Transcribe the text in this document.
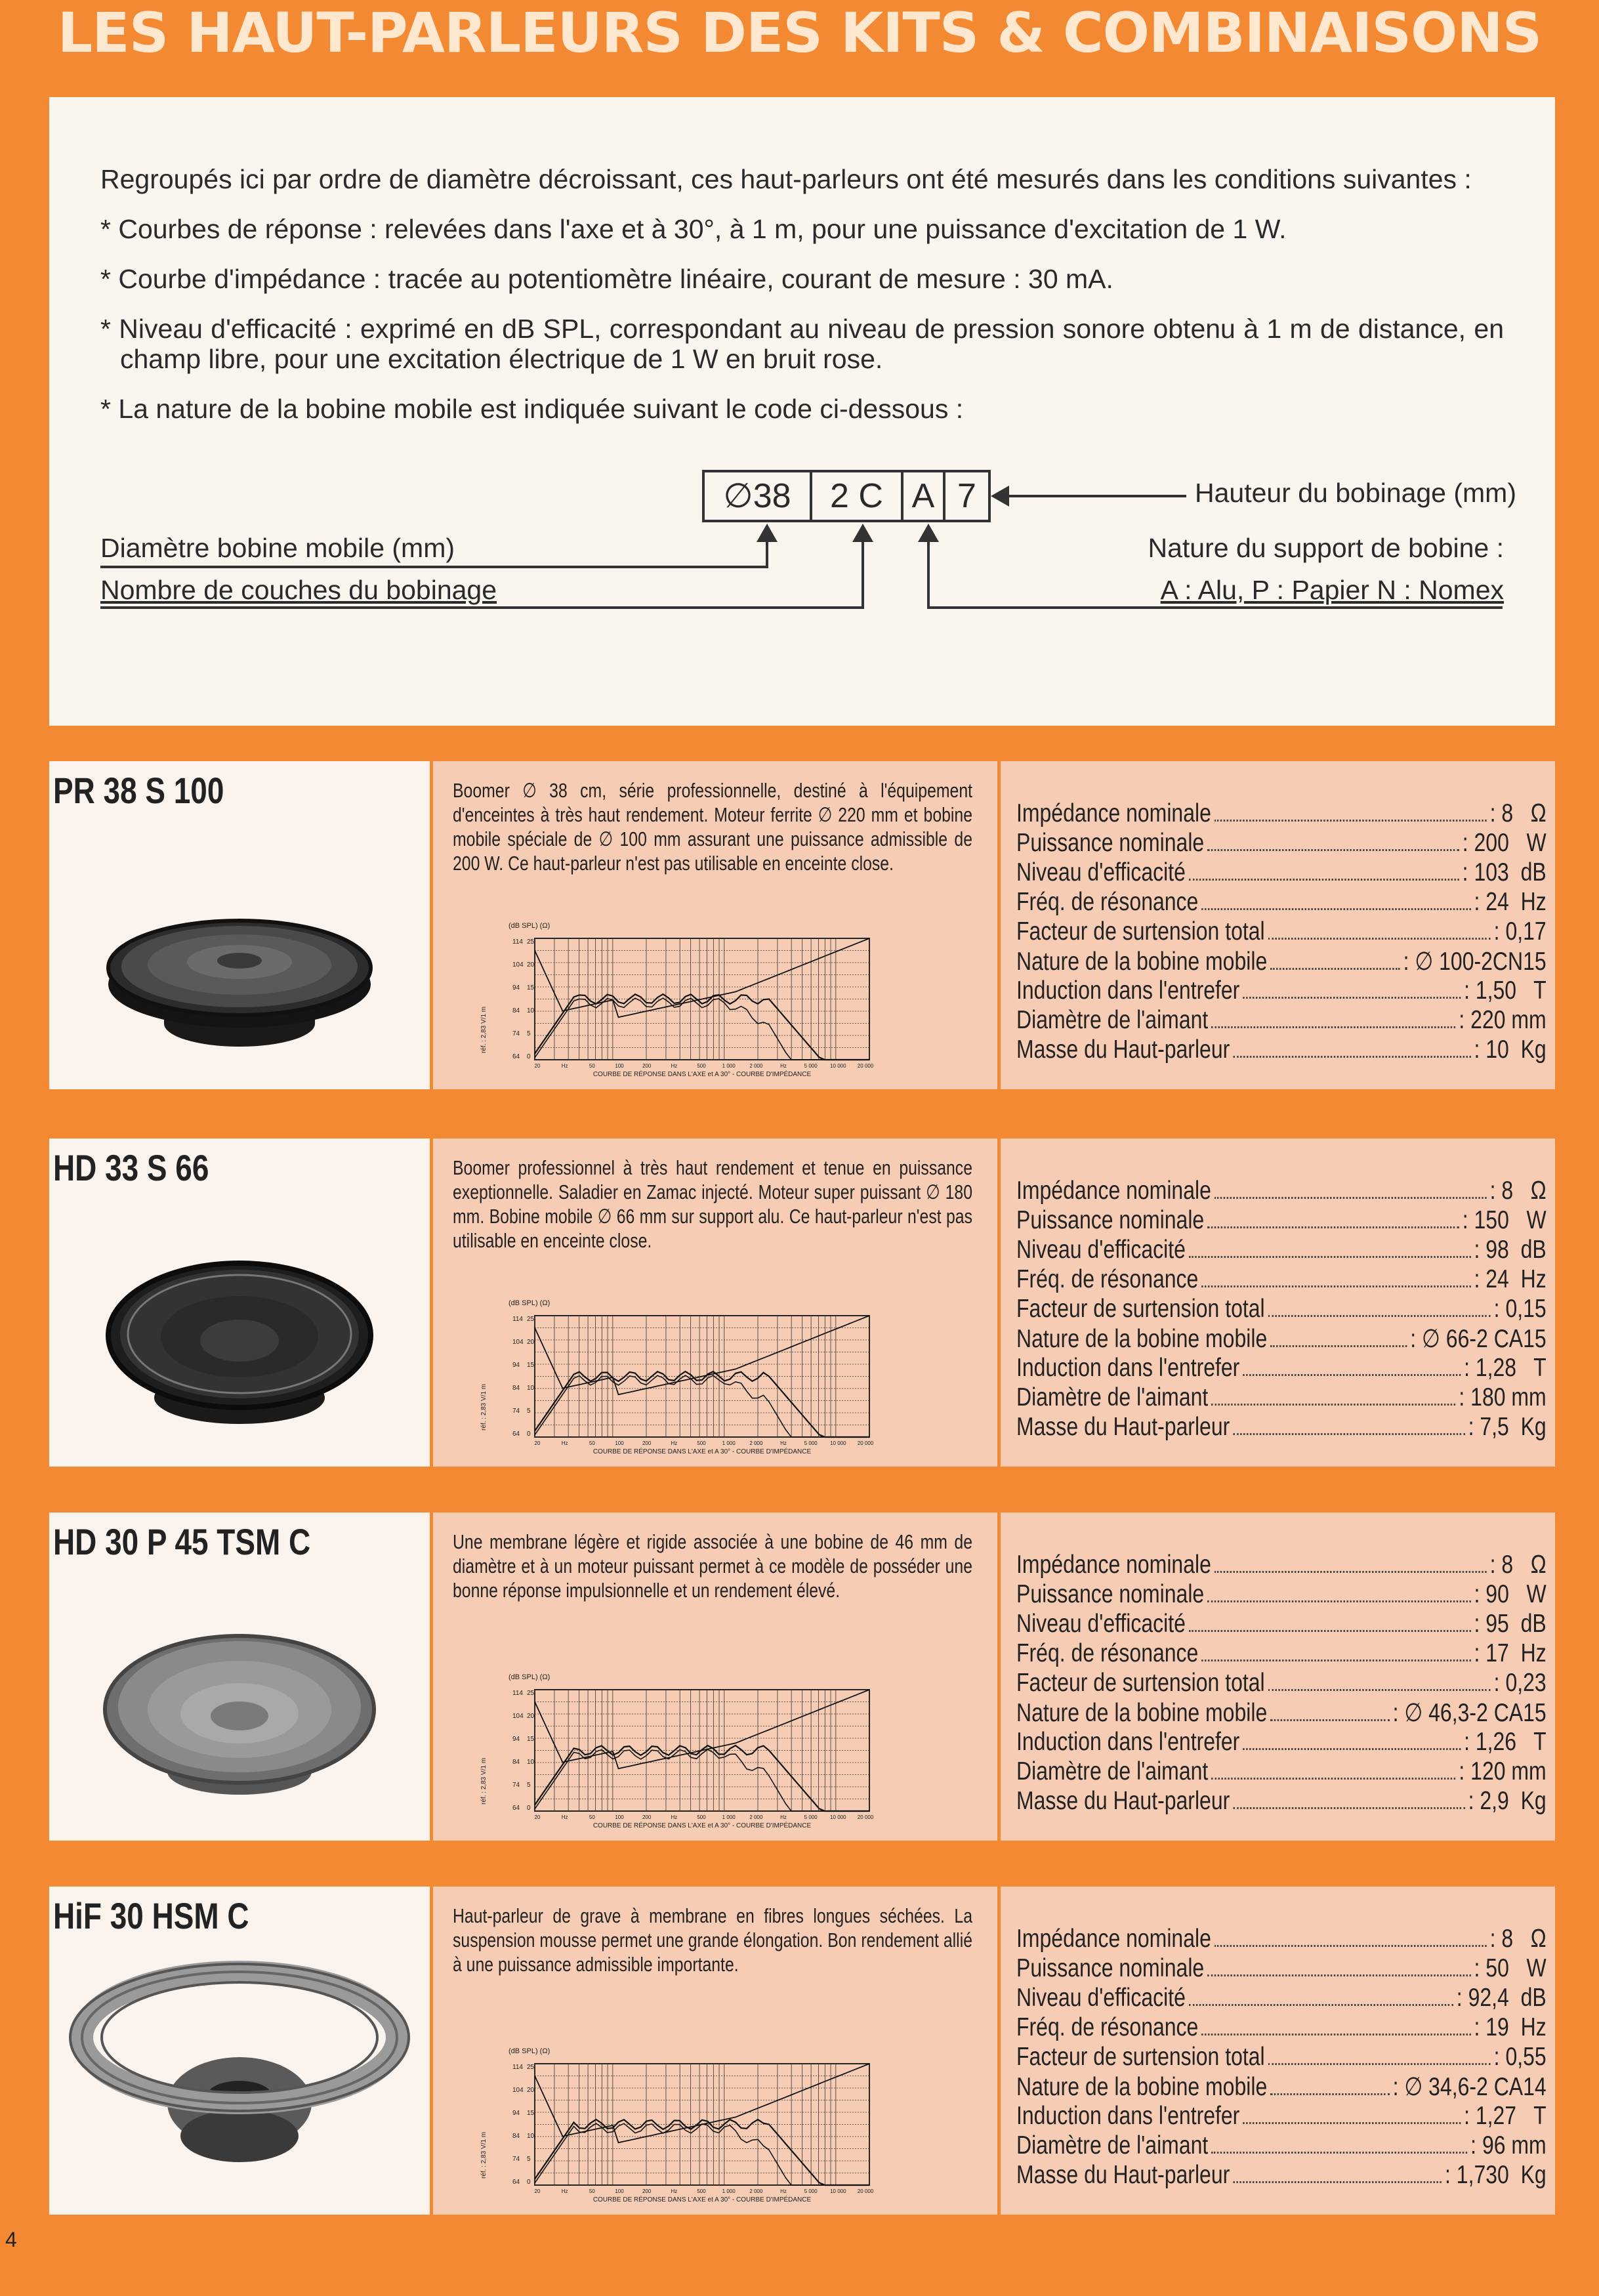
LES HAUT-PARLEURS DES KITS & COMBINAISONS

Regroupés ici par ordre de diamètre décroissant, ces haut-parleurs ont été mesurés dans les conditions suivantes :

* Courbes de réponse : relevées dans l'axe et à 30°, à 1 m, pour une puissance d'excitation de 1 W.

* Courbe d'impédance : tracée au potentiomètre linéaire, courant de mesure : 30 mA.

* Niveau d'efficacité : exprimé en dB SPL, correspondant au niveau de pression sonore obtenu à 1 m de distance, en champ libre, pour une excitation électrique de 1 W en bruit rose.

* La nature de la bobine mobile est indiquée suivant le code ci-dessous :

∅38	2 C A 7	Hauteur du bobinage (mm)
Diamètre bobine mobile (mm)
Nombre de couches du bobinage
Nature du support de bobine :
A : Alu, P : Papier N : Nomex
PR 38 S 100	Boomer ∅ 38 cm, série professionnelle, destiné à l'équipement d'enceintes à très haut rendement. Moteur ferrite ∅ 220 mm et bobine mobile spéciale de ∅ 100 mm assurant une puissance admissible de 200 W. Ce haut-parleur n'est pas utilisable en enceinte close.
(dB SPL) (Ω)
réf. : 2,83 V/1 m
114 25
104 20
94 15
84 10
74 5
64 0
20	Hz	50	100	200	Hz	500	1 000	2 000	Hz	5 000 10 000 20 000
COURBE DE RÉPONSE DANS L'AXE et A 30° - COURBE D'IMPÉDANCE
Impédance nominale	: 8   Ω
Puissance nominale	: 200   W
Niveau d'efficacité	: 103  dB
Fréq. de résonance	: 24  Hz
Facteur de surtension total	: 0,17
Nature de la bobine mobile	: ∅ 100-2CN15
Induction dans l'entrefer	: 1,50   T
Diamètre de l'aimant	: 220 mm
Masse du Haut-parleur	: 10  Kg
HD 33 S 66	Boomer professionnel à très haut rendement et tenue en puissance exeptionnelle. Saladier en Zamac injecté. Moteur super puissant ∅ 180 mm. Bobine mobile ∅ 66 mm sur support alu. Ce haut-parleur n'est pas utilisable en enceinte close.
(dB SPL) (Ω)
réf. : 2,83 V/1 m
114 25
104 20
94 15
84 10
74 5
64 0
20	Hz	50	100	200	Hz	500	1 000	2 000	Hz	5 000 10 000 20 000
COURBE DE RÉPONSE DANS L'AXE et A 30° - COURBE D'IMPÉDANCE
Impédance nominale	: 8   Ω
Puissance nominale	: 150   W
Niveau d'efficacité	: 98  dB
Fréq. de résonance	: 24  Hz
Facteur de surtension total	: 0,15
Nature de la bobine mobile	: ∅ 66-2 CA15
Induction dans l'entrefer	: 1,28   T
Diamètre de l'aimant	: 180 mm
Masse du Haut-parleur	: 7,5  Kg
HD 30 P 45 TSM C	Une membrane légère et rigide associée à une bobine de 46 mm de diamètre et à un moteur puissant permet à ce modèle de posséder une bonne réponse impulsionnelle et un rendement élevé.
(dB SPL) (Ω)
réf. : 2,83 V/1 m
114 25
104 20
94 15
84 10
74 5
64 0
20	Hz	50	100	200	Hz	500	1 000	2 000	Hz	5 000 10 000 20 000
COURBE DE RÉPONSE DANS L'AXE et A 30° - COURBE D'IMPÉDANCE
Impédance nominale	: 8   Ω
Puissance nominale	: 90   W
Niveau d'efficacité	: 95  dB
Fréq. de résonance	: 17  Hz
Facteur de surtension total	: 0,23
Nature de la bobine mobile	: ∅ 46,3-2 CA15
Induction dans l'entrefer	: 1,26   T
Diamètre de l'aimant	: 120 mm
Masse du Haut-parleur	: 2,9  Kg
HiF 30 HSM C	Haut-parleur de grave à membrane en fibres longues séchées. La suspension mousse permet une grande élongation. Bon rendement allié à une puissance admissible importante.
(dB SPL) (Ω)
réf. : 2,83 V/1 m
114 25
104 20
94 15
84 10
74 5
64 0
20	Hz	50	100	200	Hz	500	1 000	2 000	Hz	5 000 10 000 20 000
COURBE DE RÉPONSE DANS L'AXE et A 30° - COURBE D'IMPÉDANCE
Impédance nominale	: 8   Ω
Puissance nominale	: 50   W
Niveau d'efficacité	: 92,4  dB
Fréq. de résonance	: 19  Hz
Facteur de surtension total	: 0,55
Nature de la bobine mobile	: ∅ 34,6-2 CA14
Induction dans l'entrefer	: 1,27   T
Diamètre de l'aimant	: 96 mm
Masse du Haut-parleur	: 1,730  Kg
4
